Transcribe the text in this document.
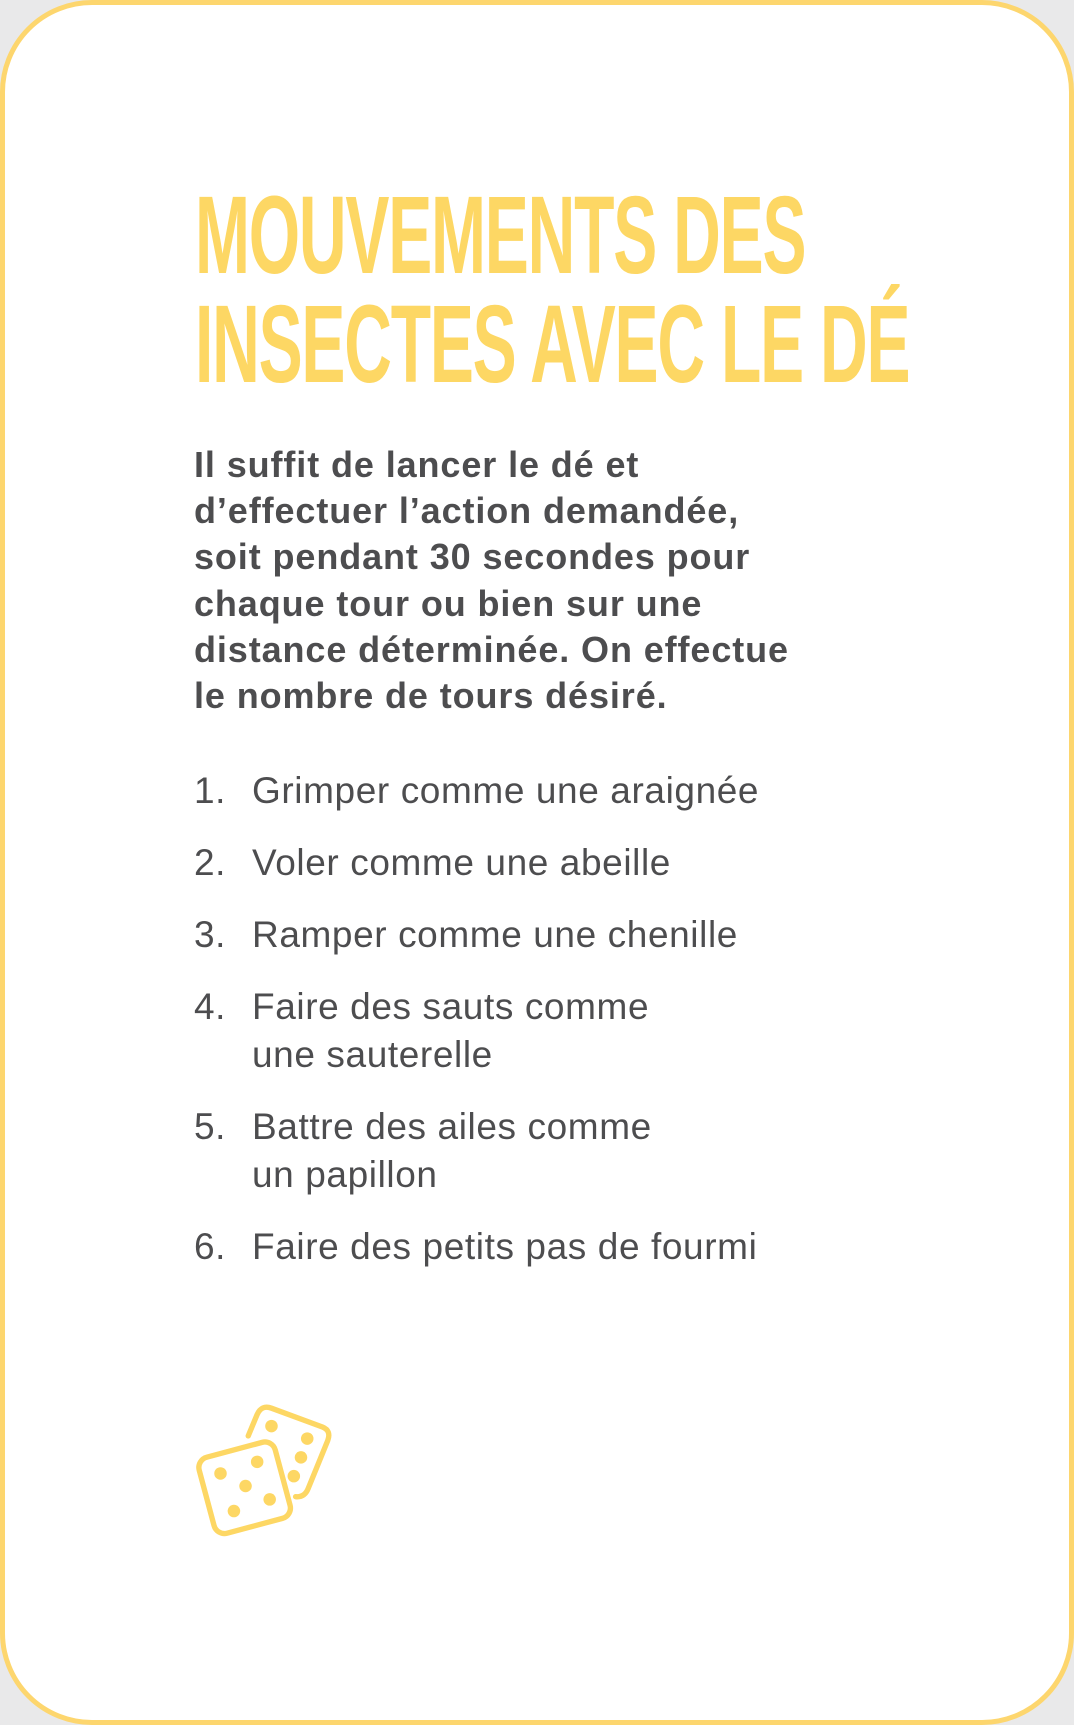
MOUVEMENTS DES
INSECTES AVEC LE DÉ

Il suffit de lancer le dé et
d’effectuer l’action demandée,
soit pendant 30 secondes pour
chaque tour ou bien sur une
distance déterminée. On effectue
le nombre de tours désiré.

1. Grimper comme une araignée
2. Voler comme une abeille
3. Ramper comme une chenille
4. Faire des sauts comme
une sauterelle
5. Battre des ailes comme
un papillon
6. Faire des petits pas de fourmi
